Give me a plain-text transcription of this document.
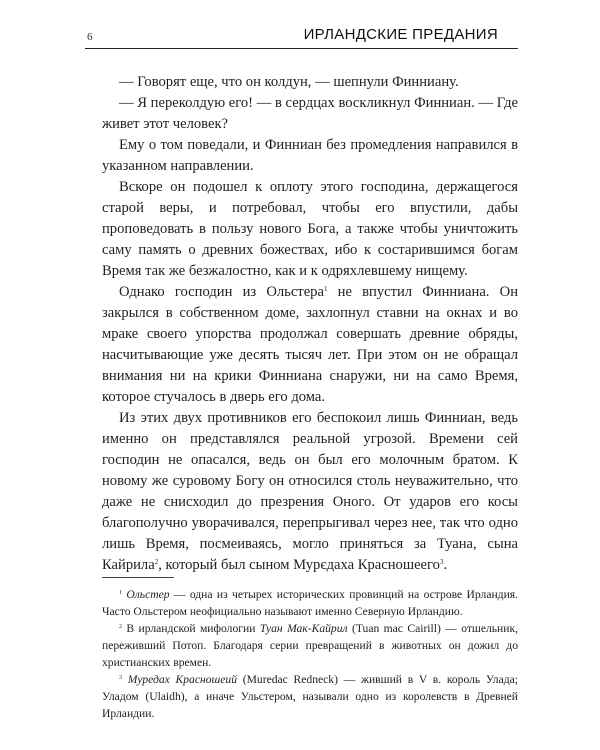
6	ИРЛАНДСКИЕ ПРЕДАНИЯ

— Говорят еще, что он колдун, — шепнули Финниану.

— Я переколдую его! — в сердцах воскликнул Финниан. — Где живет этот человек?

Ему о том поведали, и Финниан без промедления направился в указанном направлении.

Вскоре он подошел к оплоту этого господина, держащегося старой веры, и потребовал, чтобы его впустили, дабы проповедовать в пользу нового Бога, а также чтобы уничтожить саму память о древних божествах, ибо к состарившимся богам Время так же безжалостно, как и к одряхлевшему нищему.

Однако господин из Ольстера$^1$ не впустил Финниана. Он закрылся в собственном доме, захлопнул ставни на окнах и во мраке своего упорства продолжал совершать древние обряды, насчитывающие уже десять тысяч лет. При этом он не обращал внимания ни на крики Финниана снаружи, ни на само Время, которое стучалось в дверь его дома.

Из этих двух противников его беспокоил лишь Финниан, ведь именно он представлялся реальной угрозой. Времени сей господин не опасался, ведь он был его молочным братом. К новому же суровому Богу он относился столь неуважительно, что даже не снисходил до презрения Оного. От ударов его косы благополучно уворачивался, перепрыгивал через нее, так что одно лишь Время, посмеиваясь, могло приняться за Туана, сына Кайрила$^2$, который был сыном Мурєдаха Красношеего$^3$.

$^1$ Ольстер — одна из четырех исторических провинций на острове Ирландия. Часто Ольстером неофициально называют именно Северную Ирландию.

$^2$ В ирландской мифологии Туан Мак-Кайрил (Tuan mac Cairill) — отшельник, переживший Потоп. Благодаря серии превращений в животных он дожил до христианских времен.

$^3$ Муредах Красношеий (Muredac Redneck) — живший в V в. король Улада; Уладом (Ulaidh), а иначе Ульстером, называли одно из королевств в Древней Ирландии.
